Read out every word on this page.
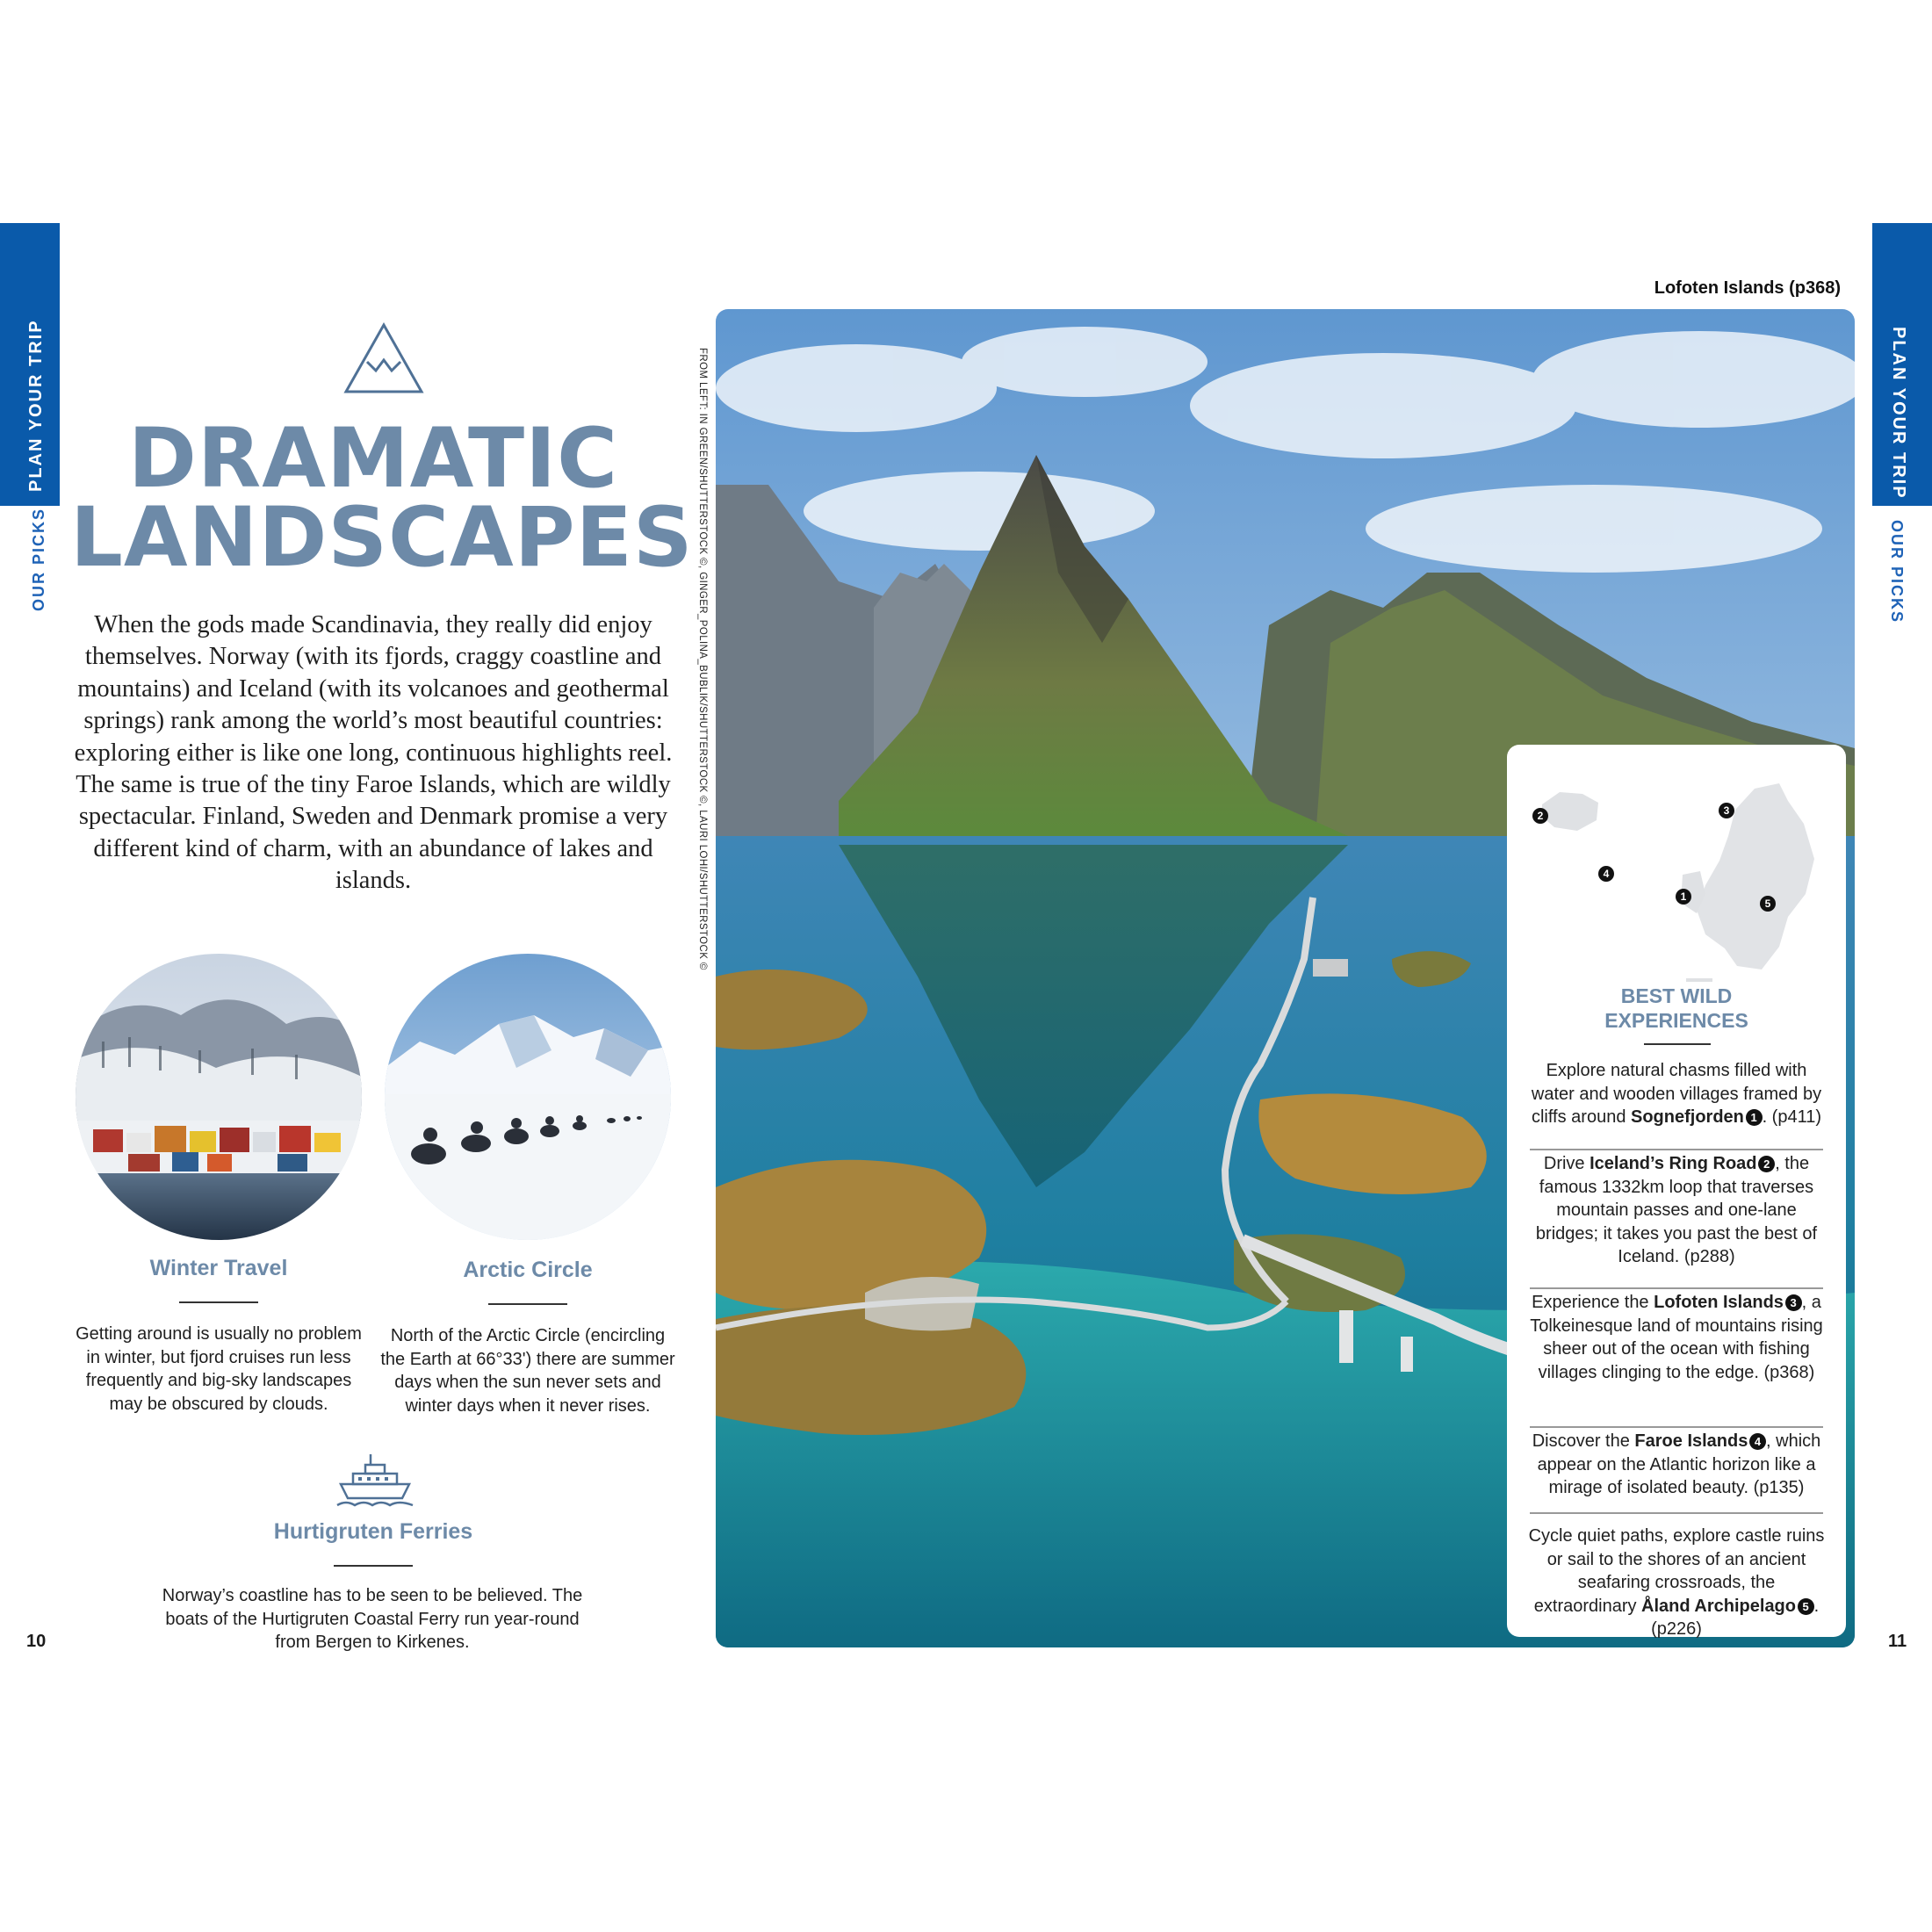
PLAN YOUR TRIP
OUR PICKS
PLAN YOUR TRIP
OUR PICKS
DRAMATIC
LANDSCAPES
When the gods made Scandinavia, they really did enjoy themselves. Norway (with its fjords, craggy coastline and mountains) and Iceland (with its volcanoes and geothermal springs) rank among the world’s most beautiful countries: exploring either is like one long, continuous highlights reel. The same is true of the tiny Faroe Islands, which are wildly spectacular. Finland, Sweden and Denmark promise a very different kind of charm, with an abundance of lakes and islands.
Winter Travel
Getting around is usually no problem in winter, but fjord cruises run less frequently and big-sky landscapes may be obscured by clouds.
Arctic Circle
North of the Arctic Circle (encircling the Earth at 66°33') there are summer days when the sun never sets and winter days when it never rises.
Hurtigruten Ferries
Norway’s coastline has to be seen to be believed. The boats of the Hurtigruten Coastal Ferry run year-round from Bergen to Kirkenes.
10	11
Lofoten Islands (p368)
FROM LEFT: IN GREEN/SHUTTERSTOCK ©, GINGER_POLINA_BUBLIK/SHUTTERSTOCK ©, LAURI LOHI/SHUTTERSTOCK ©	2	3
4
1
5
BEST WILD
EXPERIENCES
Explore natural chasms filled with water and wooden villages framed by cliffs around Sognefjorden  1 . (p411)
Drive Iceland’s Ring Road  2 , the famous 1332km loop that traverses mountain passes and one-lane bridges; it takes you past the best of Iceland. (p288)
Experience the Lofoten Islands  3 , a Tolkeinesque land of mountains rising sheer out of the ocean with fishing villages clinging to the edge. (p368)
Discover the Faroe Islands  4 , which appear on the Atlantic horizon like a mirage of isolated beauty. (p135)
Cycle quiet paths, explore castle ruins or sail to the shores of an ancient seafaring crossroads, the extraordinary Åland Archipelago  5 . (p226)
